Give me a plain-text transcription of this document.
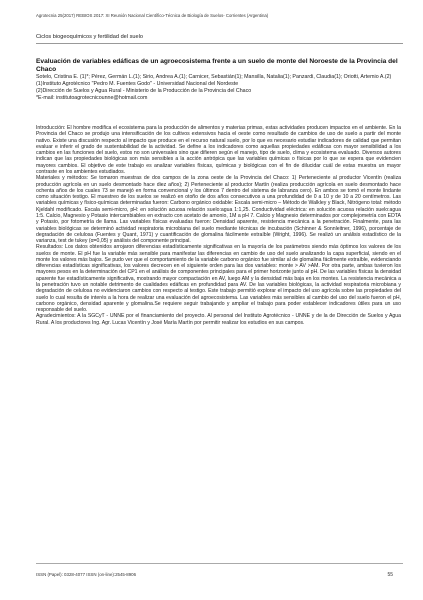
Agrotecnia 25(2017) REBIOS 2017: XI Reunión Nacional Científico-Técnica de Biología de Suelos- Corrientes (Argentina)
Ciclos biogeoquímicos y fertilidad del suelo
Evaluación de variables edáficas de un agroecosistema frente a un suelo de monte del Noroeste de la Provincia del Chaco
Sotelo, Cristina E. (1)*; Pérez, Germán L.(1); Sirio, Andrea A.(1); Carnicer, Sebastián(1); Mansilla, Natalia(1); Panzardi, Claudia(1); Oriotti, Artemio A.(2)
(1)Instituto Agrotécnico "Pedro M. Fuentes Godo" - Universidad Nacional del Nordeste
(2)Dirección de Suelos y Agua Rural - Ministerio de la Producción de la Provincia del Chaco
*E-mail: institutoagrotecnicounne@hotmail.com

Introducción: El hombre modifica el ecosistema para la producción de alimentos y materias primas, estas actividades producen impactos en el ambiente. En la Provincia del Chaco se produjo una intensificación de los cultivos extensivos hacia el oeste como resultado de cambios de uso de suelo a partir del monte nativo. Existe una discusión respecto al impacto que produce en el recurso natural suelo, por lo que es necesario estudiar indicadores de calidad que permitan evaluar e inferir el grado de sustentabilidad de la actividad. Se define a los indicadores como aquellas propiedades edáficas con mayor sensibilidad a los cambios en las funciones del suelo, estos no son universales sino que difieren según el manejo, tipo de suelo, clima y ecosistema evaluado. Diversos autores indican que las propiedades biológicas son más sensibles a la acción antrópica que las variables químicas o físicas por lo que se espera que evidencien mayores cambios. El objetivo de este trabajo es analizar variables físicas, químicas y biológicas con el fin de dilucidar cuál de estas muestra un mayor contraste en los ambientes estudiados.

Materiales y métodos: Se tomaron muestras de dos campos de la zona oeste de la Provincia del Chaco: 1) Perteneciente al productor Vicentín (realiza producción agrícola en un suelo desmontado hace diez años); 2) Perteneciente al productor Martín (realiza producción agrícola en suelo desmontado hace ochenta años de los cuales 73 se manejó en forma convencional y los últimos 7 dentro del sistema de labranza cero). En ambos se tomó el monte lindante como situación testigo. El muestreo de los suelos se realizó en otoño de dos años consecutivos a una profundidad de 0 a 10 y de 10 a 20 centímetros. Las variables químicas y físico-químicas determinadas fueron: Carbono orgánico oxidable: Escala semi-micro – Método de Walkley y Black, Nitrógeno total: método Kjeldahl modificado. Escala semi-micro, pH: en solución acuosa relación suelo:agua 1:1,25. Conductividad eléctrica: en solución acuosa relación suelo:agua 1:5. Calcio, Magnesio y Potasio intercambiables en extracto con acetato de amonio, 1M a pH 7. Calcio y Magnesio determinados por complejometría con EDTA y Potasio, por fotometría de llama. Las variables físicas evaluadas fueron: Densidad aparente, resistencia mecánica a la penetración. Finalmente, para las variables biológicas se determinó actividad respiratoria microbiana del suelo mediante técnicas de incubación (Schinner & Sonnleitner, 1996), porcentaje de degradación de celulosa (Fuentes y Quant, 1971) y cuantificación de glomalina fácilmente extraíble (Wright, 1996). Se realizó un análisis estadístico de la varianza, test de tukey (α=0,05) y análisis del componente principal.

Resultados: Los datos obtenidos arrojaron diferencias estadísticamente significativas en la mayoría de los parámetros siendo más óptimos los valores de los suelos de monte. El pH fue la variable más sensible para manifestar las diferencias en cambio de uso del suelo analizando la capa superficial, siendo en el monte los valores más bajos. Se pudo ver que el comportamiento de la variable carbono orgánico fue similar al de glomalina fácilmente extraíble, evidenciando diferencias estadísticas significativas, los valores decrecen en el siguiente orden para las dos variables: monte > AV >AM. Por otra parte, ambas tuvieron los mayores pesos en la determinación del CP1 en el análisis de componentes principales para el primer horizonte junto al pH. De las variables físicas la densidad aparente fue estadísticamente significativa, mostrando mayor compactación en AV, luego AM y la densidad más baja en los montes. La resistencia mecánica a la penetración tuvo un notable detrimento de cualidades edáficas en profundidad para AV. De las variables biológicas, la actividad respiratoria microbiana y degradación de celulosa no evidenciaron cambios con respecto al testigo. Este trabajo permitió explorar el impacto del uso agrícola sobre las propiedades del suelo lo cual resulta de interés a la hora de realizar una evaluación del agroecosistema. Las variables más sensibles al cambio del uso del suelo fueron el pH, carbono orgánico, densidad aparente y glomalina.Se requiere seguir trabajando y ampliar el trabajo para poder establecer indicadores útiles para un uso responsable del suelo.

Agradecimientos: A la SGCyT - UNNE por el financiamiento del proyecto. Al personal del Instituto Agrotécnico - UNNE y de la de Dirección de Suelos y Agua Rural. A los productores Ing. Agr. Lucas Vicentín y José María Martín por permitir realizar los estudios en sus campos.

ISSN (Papel): 0328-4077 ISSN (on-line):2545-8906	55
